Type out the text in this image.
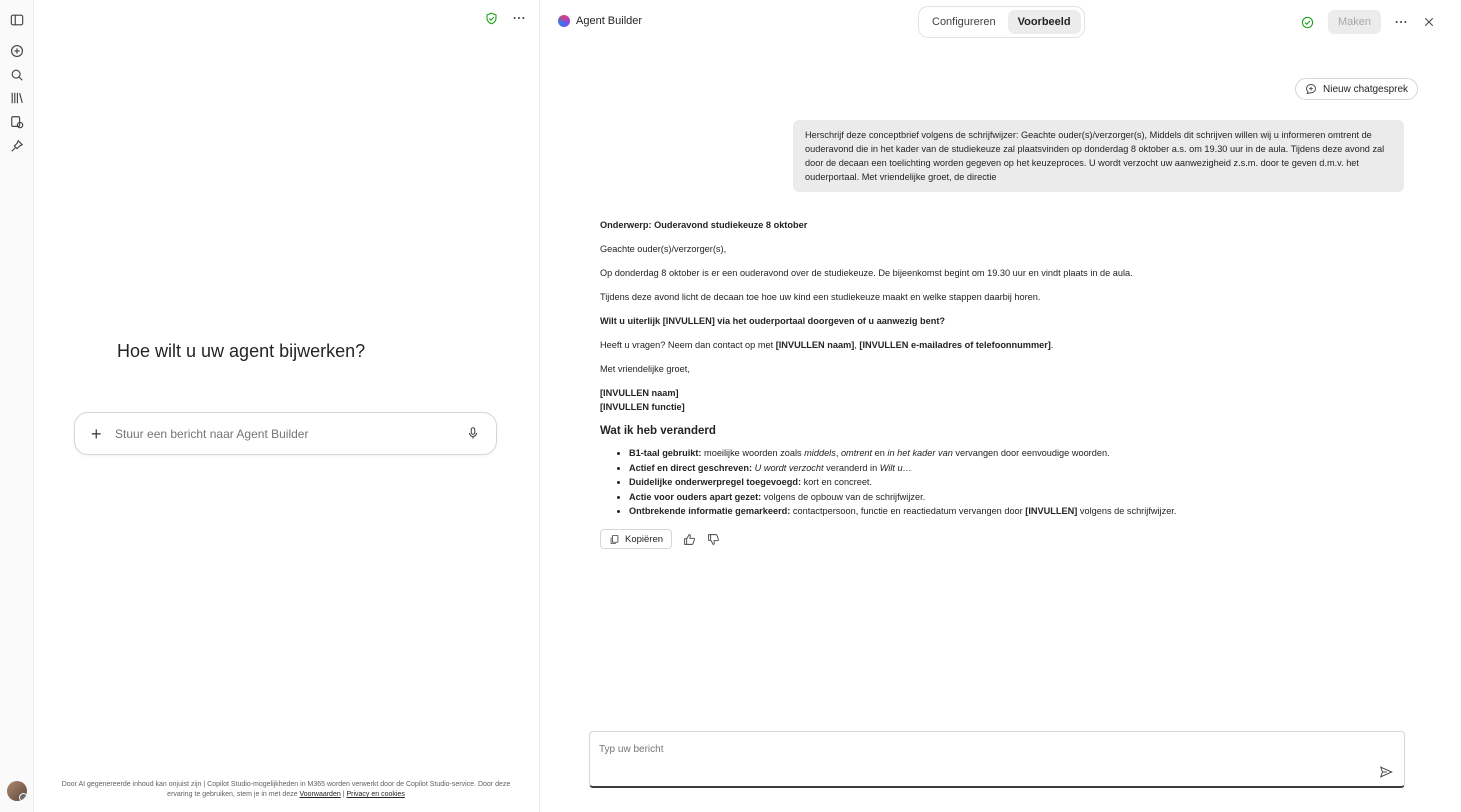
Hoe wilt u uw agent bijwerken?
+
Stuur een bericht naar Agent Builder
Door AI gegenereerde inhoud kan onjuist zijn | Copilot Studio-mogelijkheden in M365 worden verwerkt door de Copilot Studio-service. Door deze ervaring te gebruiken, stem je in met deze Voorwaarden | Privacy en cookies
Agent Builder	Configureren	Voorbeeld	Maken
Nieuw chatgesprek
Herschrijf deze conceptbrief volgens de schrijfwijzer: Geachte ouder(s)/verzorger(s), Middels dit schrijven willen wij u informeren omtrent de ouderavond die in het kader van de studiekeuze zal plaatsvinden op donderdag 8 oktober a.s. om 19.30 uur in de aula. Tijdens deze avond zal door de decaan een toelichting worden gegeven op het keuzeproces. U wordt verzocht uw aanwezigheid z.s.m. door te geven d.m.v. het ouderportaal. Met vriendelijke groet, de directie

Onderwerp: Ouderavond studiekeuze 8 oktober

Geachte ouder(s)/verzorger(s),

Op donderdag 8 oktober is er een ouderavond over de studiekeuze. De bijeenkomst begint om 19.30 uur en vindt plaats in de aula.

Tijdens deze avond licht de decaan toe hoe uw kind een studiekeuze maakt en welke stappen daarbij horen.

Wilt u uiterlijk [INVULLEN] via het ouderportaal doorgeven of u aanwezig bent?

Heeft u vragen? Neem dan contact op met [INVULLEN naam], [INVULLEN e-mailadres of telefoonnummer].

Met vriendelijke groet,

[INVULLEN naam]
[INVULLEN functie]

Wat ik heb veranderd
• B1-taal gebruikt: moeilijke woorden zoals middels, omtrent en in het kader van vervangen door eenvoudige woorden.
• Actief en direct geschreven: U wordt verzocht veranderd in Wilt u…
• Duidelijke onderwerpregel toegevoegd: kort en concreet.
• Actie voor ouders apart gezet: volgens de opbouw van de schrijfwijzer.
• Ontbrekende informatie gemarkeerd: contactpersoon, functie en reactiedatum vervangen door [INVULLEN] volgens de schrijfwijzer.
Kopiëren
Typ uw bericht
